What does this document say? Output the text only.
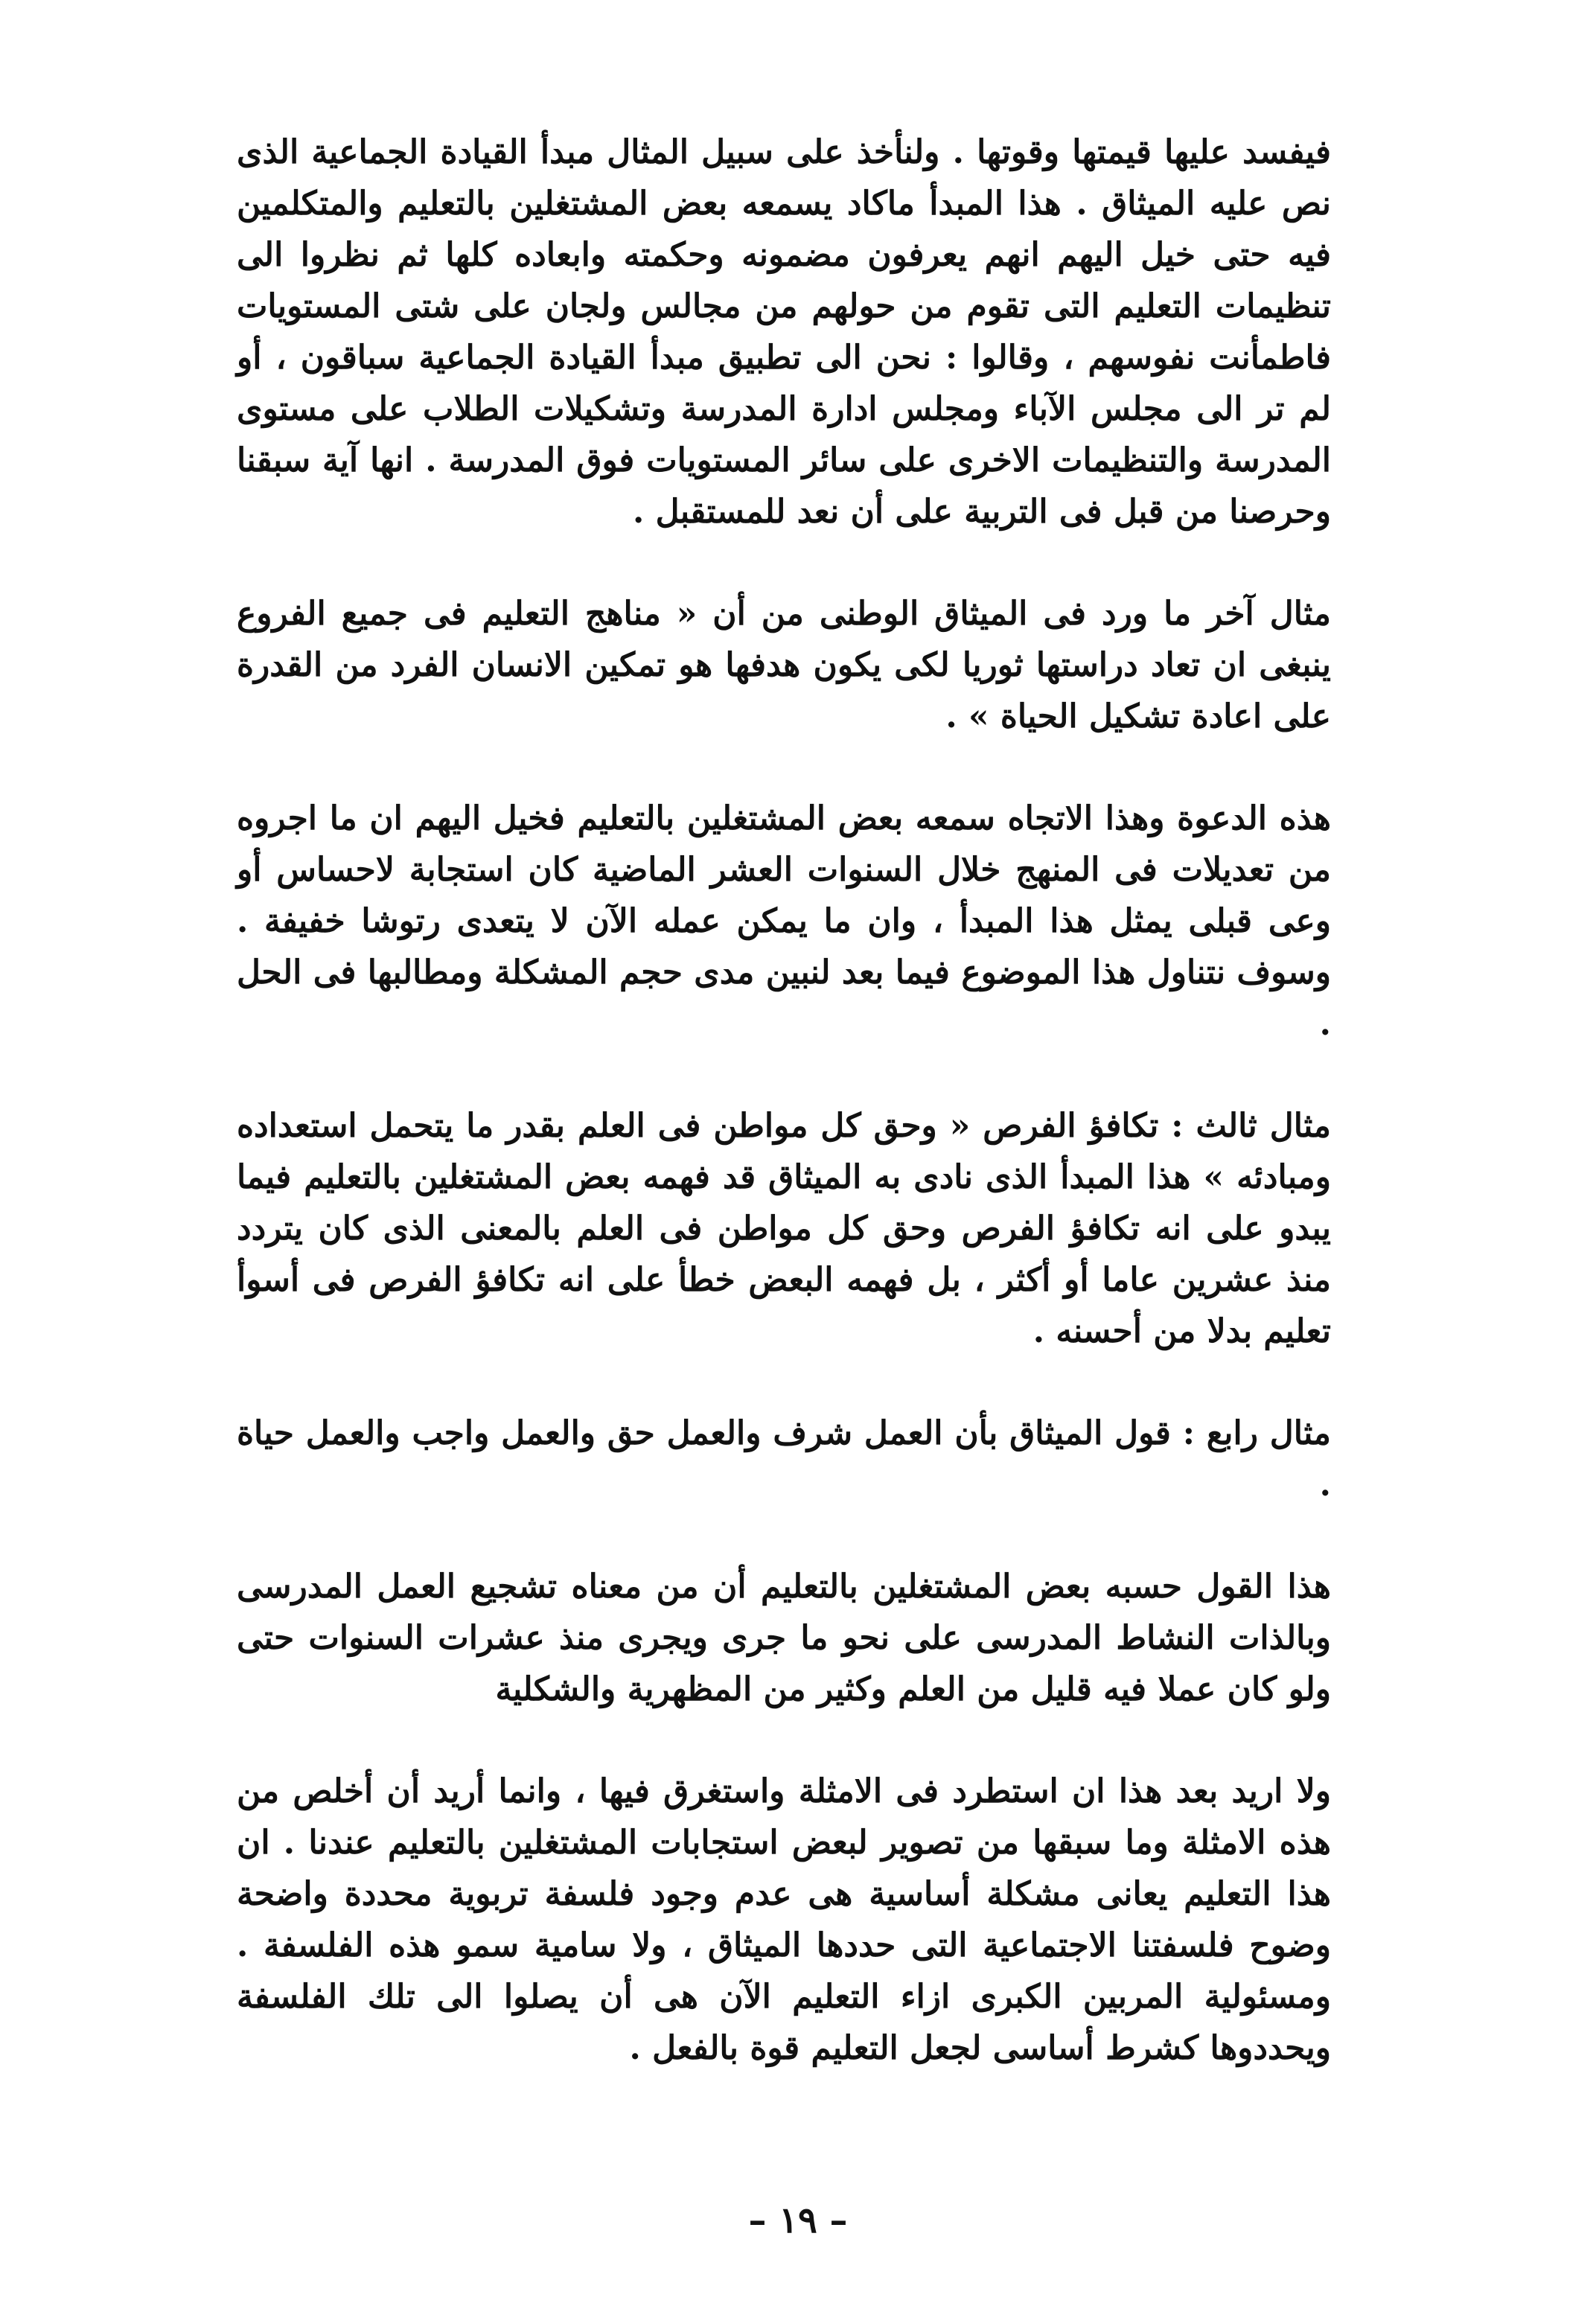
فيفسد عليها قيمتها وقوتها . ولنأخذ على سبيل المثال مبدأ القيادة الجماعية الذى نص عليه الميثاق . هذا المبدأ ماكاد يسمعه بعض المشتغلين بالتعليم والمتكلمين فيه حتى خيل اليهم انهم يعرفون مضمونه وحكمته وابعاده كلها ثم نظروا الى تنظيمات التعليم التى تقوم من حولهم من مجالس ولجان على شتى المستويات فاطمأنت نفوسهم ، وقالوا : نحن الى تطبيق مبدأ القيادة الجماعية سباقون ، أو لم تر الى مجلس الآباء ومجلس ادارة المدرسة وتشكيلات الطلاب على مستوى المدرسة والتنظيمات الاخرى على سائر المستويات فوق المدرسة . انها آية سبقنا وحرصنا من قبل فى التربية على أن نعد للمستقبل .

مثال آخر ما ورد فى الميثاق الوطنى من أن « مناهج التعليم فى جميع الفروع ينبغى ان تعاد دراستها ثوريا لكى يكون هدفها هو تمكين الانسان الفرد من القدرة على اعادة تشكيل الحياة » .

هذه الدعوة وهذا الاتجاه سمعه بعض المشتغلين بالتعليم فخيل اليهم ان ما اجروه من تعديلات فى المنهج خلال السنوات العشر الماضية كان استجابة لاحساس أو وعى قبلى يمثل هذا المبدأ ، وان ما يمكن عمله الآن لا يتعدى رتوشا خفيفة . وسوف نتناول هذا الموضوع فيما بعد لنبين مدى حجم المشكلة ومطالبها فى الحل .

مثال ثالث : تكافؤ الفرص « وحق كل مواطن فى العلم بقدر ما يتحمل استعداده ومبادئه » هذا المبدأ الذى نادى به الميثاق قد فهمه بعض المشتغلين بالتعليم فيما يبدو على انه تكافؤ الفرص وحق كل مواطن فى العلم بالمعنى الذى كان يتردد منذ عشرين عاما أو أكثر ، بل فهمه البعض خطأ على انه تكافؤ الفرص فى أسوأ تعليم بدلا من أحسنه .

مثال رابع : قول الميثاق بأن العمل شرف والعمل حق والعمل واجب والعمل حياة .

هذا القول حسبه بعض المشتغلين بالتعليم أن من معناه تشجيع العمل المدرسى وبالذات النشاط المدرسى على نحو ما جرى ويجرى منذ عشرات السنوات حتى ولو كان عملا فيه قليل من العلم وكثير من المظهرية والشكلية

ولا اريد بعد هذا ان استطرد فى الامثلة واستغرق فيها ، وانما أريد أن أخلص من هذه الامثلة وما سبقها من تصوير لبعض استجابات المشتغلين بالتعليم عندنا . ان هذا التعليم يعانى مشكلة أساسية هى عدم وجود فلسفة تربوية محددة واضحة وضوح فلسفتنا الاجتماعية التى حددها الميثاق ، ولا سامية سمو هذه الفلسفة . ومسئولية المربين الكبرى ازاء التعليم الآن هى أن يصلوا الى تلك الفلسفة ويحددوها كشرط أساسى لجعل التعليم قوة بالفعل .

– ١٩ –
